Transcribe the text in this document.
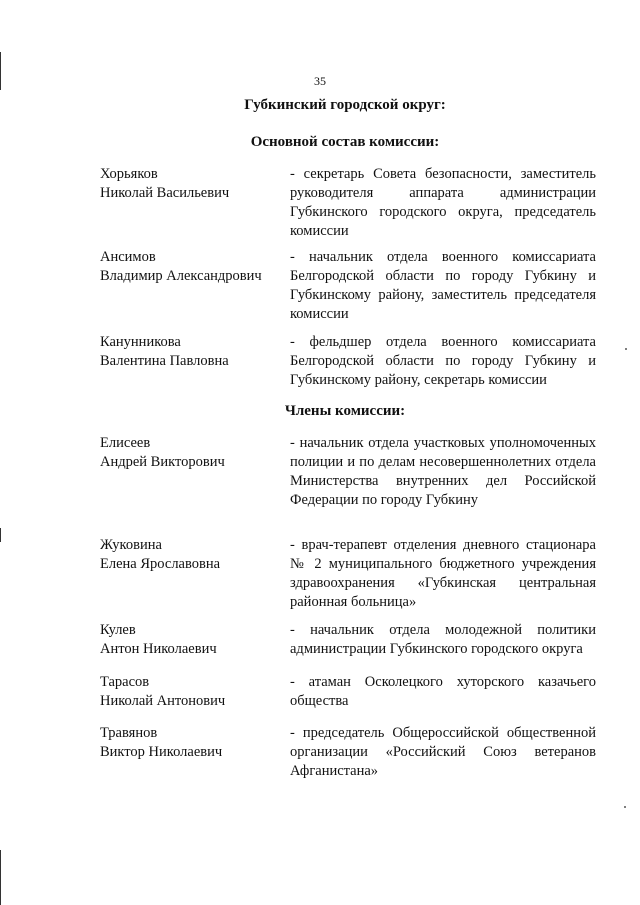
35
Губкинский городской округ:
Основной состав комиссии:
Хорьяков
Николай Васильевич
- секретарь Совета безопасности, заместитель руководителя аппарата администрации Губкинского городского округа, председатель комиссии
Ансимов
Владимир Александрович
- начальник отдела военного комиссариата Белгородской области по городу Губкину и Губкинскому району, заместитель председателя комиссии
Канунникова
Валентина Павловна
- фельдшер отдела военного комиссариата Белгородской области по городу Губкину и Губкинскому району, секретарь комиссии
Члены комиссии:
Елисеев
Андрей Викторович
- начальник отдела участковых уполномоченных полиции и по делам несовершеннолетних отдела Министерства внутренних дел Российской Федерации по городу Губкину
Жуковина
Елена Ярославовна
- врач-терапевт отделения дневного стационара № 2 муниципального бюджетного учреждения здравоохранения «Губкинская центральная районная больница»
Кулев
Антон Николаевич
- начальник отдела молодежной политики администрации Губкинского городского округа
Тарасов
Николай Антонович
- атаман Осколецкого хуторского казачьего общества
Травянов
Виктор Николаевич
- председатель Общероссийской общественной организации «Российский Союз ветеранов Афганистана»
